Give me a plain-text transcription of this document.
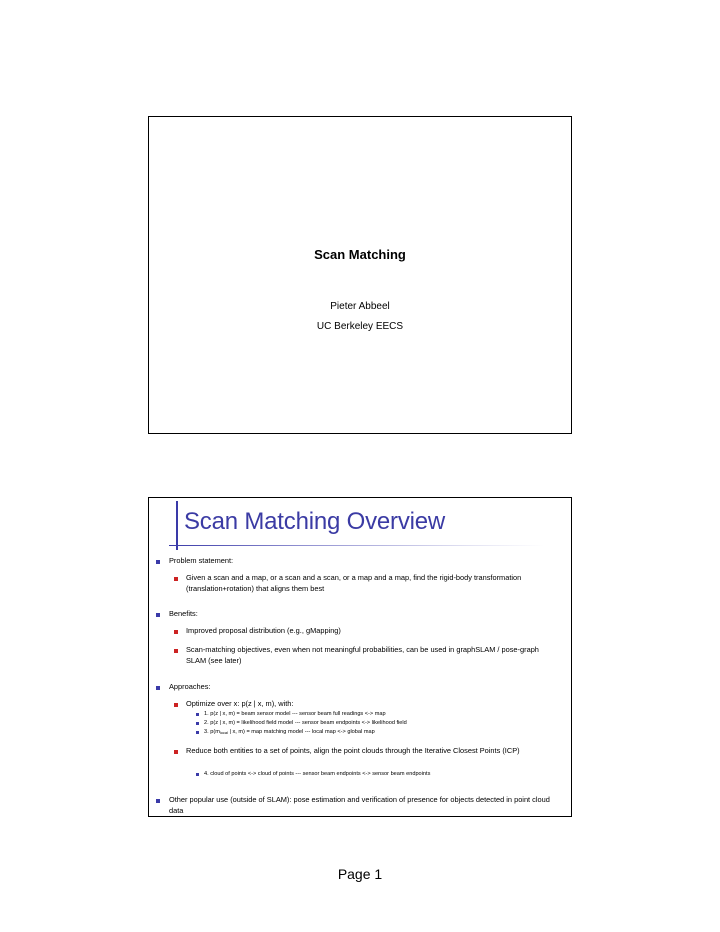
Scan Matching
Pieter Abbeel
UC Berkeley EECS
Scan Matching Overview
Problem statement:
Given a scan and a map, or a scan and a scan, or a map and a map, find the rigid-body transformation (translation+rotation) that aligns them best
Benefits:
Improved proposal distribution (e.g., gMapping)
Scan-matching objectives, even when not meaningful probabilities, can be used in graphSLAM / pose-graph SLAM (see later)
Approaches:
Optimize over x: p(z | x, m), with:
1. p(z | x, m) = beam sensor model --- sensor beam full readings <-> map
2. p(z | x, m) = likelihood field model --- sensor beam endpoints <-> likelihood field
3. $p(m_{local}$ | x, m) = map matching model --- local map <-> global map
Reduce both entities to a set of points, align the point clouds through the Iterative Closest Points (ICP)
4. cloud of points <-> cloud of points --- sensor beam endpoints <-> sensor beam endpoints
Other popular use (outside of SLAM): pose estimation and verification of presence for objects detected in point cloud data
Page 1
